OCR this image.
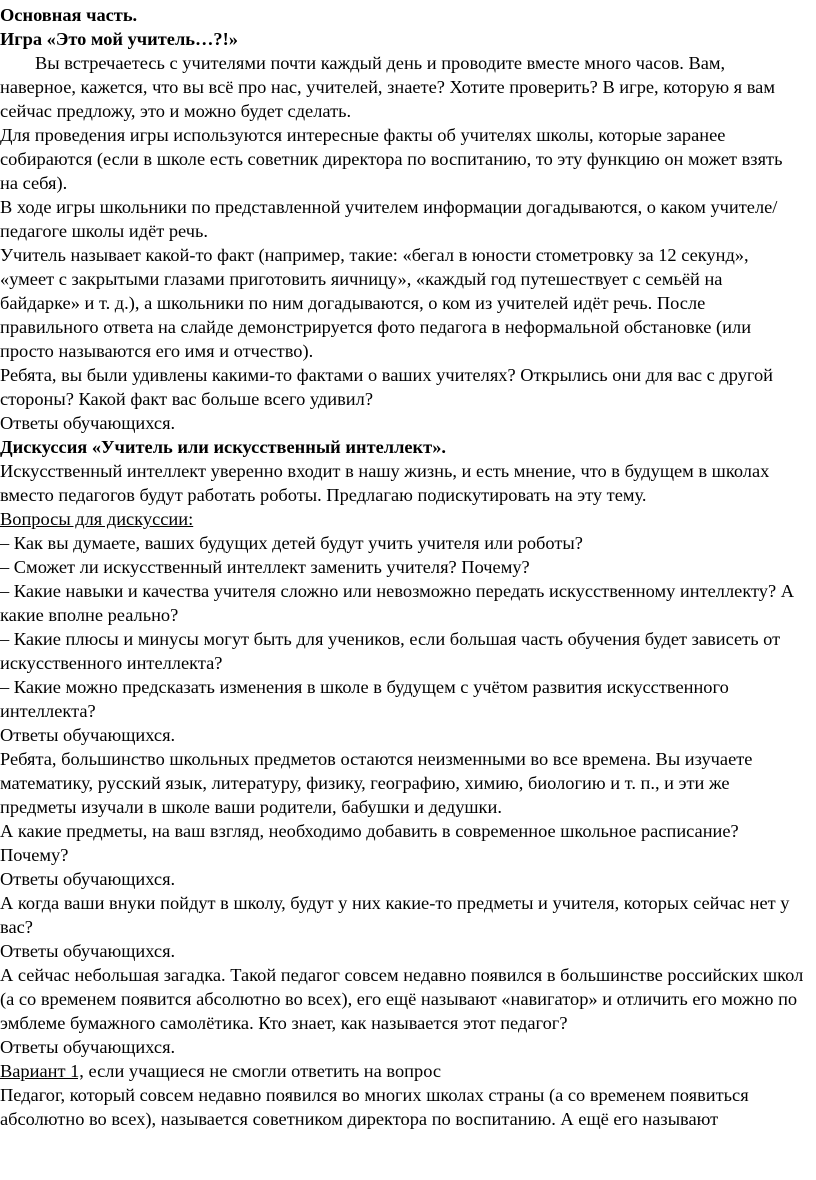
Основная часть.
Игра «Это мой учитель…?!»
Вы встречаетесь с учителями почти каждый день и проводите вместе много часов. Вам,
наверное, кажется, что вы всё про нас, учителей, знаете? Хотите проверить? В игре, которую я вам
сейчас предложу, это и можно будет сделать.
Для проведения игры используются интересные факты об учителях школы, которые заранее
собираются (если в школе есть советник директора по воспитанию, то эту функцию он может взять
на себя).
В ходе игры школьники по представленной учителем информации догадываются, о каком учителе/
педагоге школы идёт речь.
Учитель называет какой-то факт (например, такие: «бегал в юности стометровку за 12 секунд»,
«умеет с закрытыми глазами приготовить яичницу», «каждый год путешествует с семьёй на
байдарке» и т. д.), а школьники по ним догадываются, о ком из учителей идёт речь. После
правильного ответа на слайде демонстрируется фото педагога в неформальной обстановке (или
просто называются его имя и отчество).
Ребята, вы были удивлены какими-то фактами о ваших учителях? Открылись они для вас с другой
стороны? Какой факт вас больше всего удивил?
Ответы обучающихся.
Дискуссия «Учитель или искусственный интеллект».
Искусственный интеллект уверенно входит в нашу жизнь, и есть мнение, что в будущем в школах
вместо педагогов будут работать роботы. Предлагаю подискутировать на эту тему.
Вопросы для дискуссии:
– Как вы думаете, ваших будущих детей будут учить учителя или роботы?
– Сможет ли искусственный интеллект заменить учителя? Почему?
– Какие навыки и качества учителя сложно или невозможно передать искусственному интеллекту? А
какие вполне реально?
– Какие плюсы и минусы могут быть для учеников, если большая часть обучения будет зависеть от
искусственного интеллекта?
– Какие можно предсказать изменения в школе в будущем с учётом развития искусственного
интеллекта?
Ответы обучающихся.
Ребята, большинство школьных предметов остаются неизменными во все времена. Вы изучаете
математику, русский язык, литературу, физику, географию, химию, биологию и т. п., и эти же
предметы изучали в школе ваши родители, бабушки и дедушки.
А какие предметы, на ваш взгляд, необходимо добавить в современное школьное расписание?
Почему?
Ответы обучающихся.
А когда ваши внуки пойдут в школу, будут у них какие-то предметы и учителя, которых сейчас нет у
вас?
Ответы обучающихся.
А сейчас небольшая загадка. Такой педагог совсем недавно появился в большинстве российских школ
(а со временем появится абсолютно во всех), его ещё называют «навигатор» и отличить его можно по
эмблеме бумажного самолётика. Кто знает, как называется этот педагог?
Ответы обучающихся.
Вариант 1, если учащиеся не смогли ответить на вопрос
Педагог, который совсем недавно появился во многих школах страны (а со временем появиться
абсолютно во всех), называется советником директора по воспитанию. А ещё его называют
